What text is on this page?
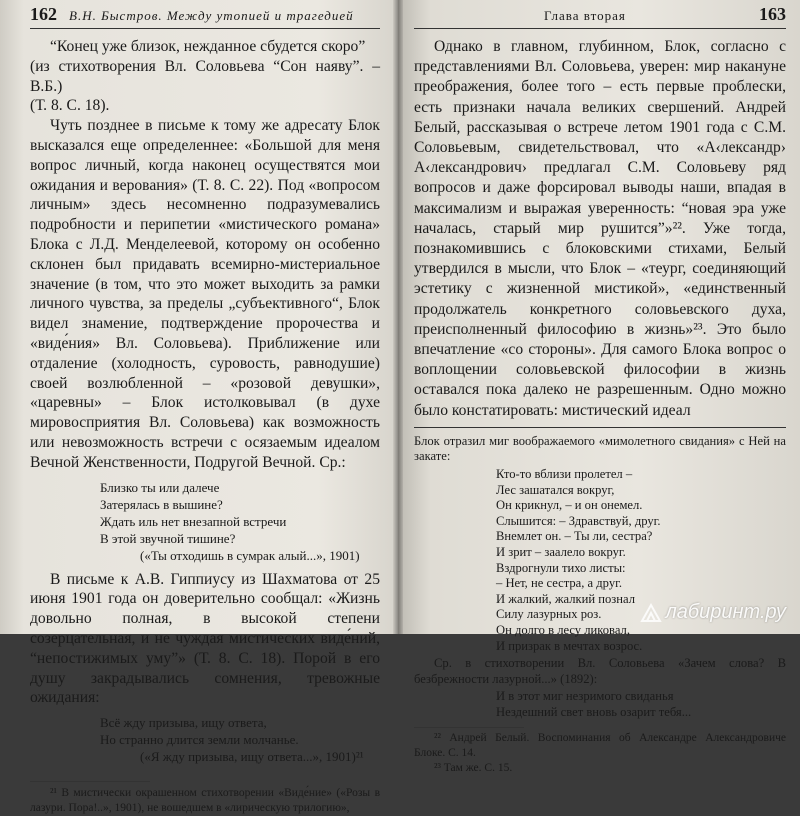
162 В.Н. Быстров. Между утопией и трагедией

“Конец уже близок, нежданное сбудется скоро”

(из стихотворения Вл. Соловьева “Сон наяву”. – В.Б.)

(Т. 8. С. 18).

Чуть позднее в письме к тому же адресату Блок высказался еще определеннее: «Большой для меня вопрос личный, когда наконец осуществятся мои ожидания и верования» (Т. 8. С. 22). Под «вопросом личным» здесь несомненно подразумевались подробности и перипетии «мистического романа» Блока с Л.Д. Менделеевой, которому он особенно склонен был придавать всемирно-мистериальное значение (в том, что это может выходить за рамки личного чувства, за пределы „субъективного“, Блок видел знамение, подтверждение пророчества и «виде́ния» Вл. Соловьева). Приближение или отдаление (холодность, суровость, равнодушие) своей возлюбленной – «розовой девушки», «царевны» – Блок истолковывал (в духе мировосприятия Вл. Соловьева) как возможность или невозможность встречи с осязаемым идеалом Вечной Женственности, Подругой Вечной. Ср.:

Близко ты или далече
Затерялась в вышине?
Ждать иль нет внезапной встречи
В этой звучной тишине?
(«Ты отходишь в сумрак алый...», 1901)

В письме к А.В. Гиппиусу из Шахматова от 25 июня 1901 года он доверительно сообщал: «Жизнь довольно полная, в высокой степени созерцательная, и не чуждая мистических виде́ний, “непостижимых уму”» (Т. 8. С. 18). Порой в его душу закрадывались сомнения, тревожные ожидания:

Всё жду призыва, ищу ответа,
Но странно длится земли молчанье.
(«Я жду призыва, ищу ответа...», 1901)²¹

²¹ В мистически окрашенном стихотворении «Виде́ние» («Розы в лазури. Пора!..», 1901), не вошедшем в «лирическую трилогию»,

Глава вторая	163

Однако в главном, глубинном, Блок, согласно с представлениями Вл. Соловьева, уверен: мир накануне преображения, более того – есть первые проблески, есть признаки начала великих свершений. Андрей Белый, рассказывая о встрече летом 1901 года с С.М. Соловьевым, свидетельствовал, что «А‹лександр› А‹лександрович› предлагал С.М. Соловьеву ряд вопросов и даже форсировал выводы наши, впадая в максимализм и выражая уверенность: “новая эра уже началась, старый мир рушится”»²². Уже тогда, познакомившись с блоковскими стихами, Белый утвердился в мысли, что Блок – «теург, соединяющий эстетику с жизненной мистикой», «единственный продолжатель конкретного соловьевского духа, преисполненный философию в жизнь»²³. Это было впечатление «со стороны». Для самого Блока вопрос о воплощении соловьевской философии в жизнь оставался пока далеко не разрешенным. Одно можно было констатировать: мистический идеал

Блок отразил миг воображаемого «мимолетного свидания» с Ней на закате:

Кто-то вблизи пролетел –
Лес зашатался вокруг,
Он крикнул, – и он онемел.
Слышится: – Здравствуй, друг.
Внемлет он. – Ты ли, сестра?
И зрит – заалело вокруг.
Вздрогнули тихо листы:
– Нет, не сестра, а друг.
И жалкий, жалкий познал
Силу лазурных роз.
Он долго в лесу ликовал,
И призрак в мечтах возрос.

Ср. в стихотворении Вл. Соловьева «Зачем слова? В безбрежности лазурной...» (1892):

И в этот миг незримого свиданья
Нездешний свет вновь озарит тебя...

²² Андрей Белый. Воспоминания об Александре Александровиче Блоке. С. 14.

²³ Там же. С. 15.

лабиринт.ру
